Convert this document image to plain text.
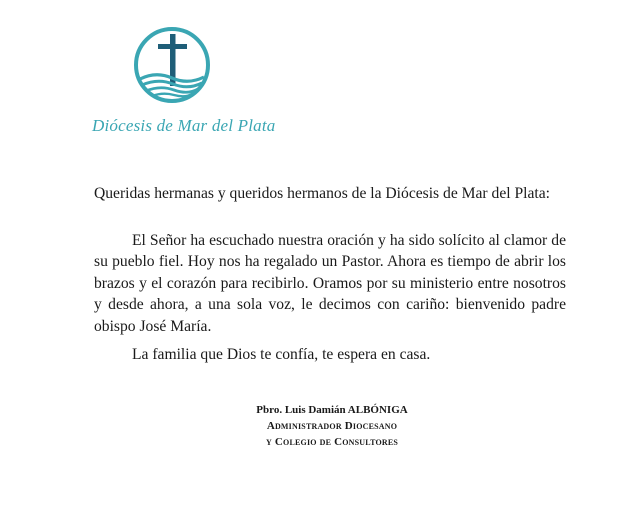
Diócesis de Mar del Plata

Queridas hermanas y queridos hermanos de la Diócesis de Mar del Plata:

El Señor ha escuchado nuestra oración y ha sido solícito al clamor de su pueblo fiel. Hoy nos ha regalado un Pastor. Ahora es tiempo de abrir los brazos y el corazón para recibirlo. Oramos por su ministerio entre nosotros y desde ahora, a una sola voz, le decimos con cariño: bienvenido padre obispo José María.

La familia que Dios te confía, te espera en casa.

Pbro. Luis Damián ALBÓNIGA
Administrador Diocesano
y Colegio de Consultores
